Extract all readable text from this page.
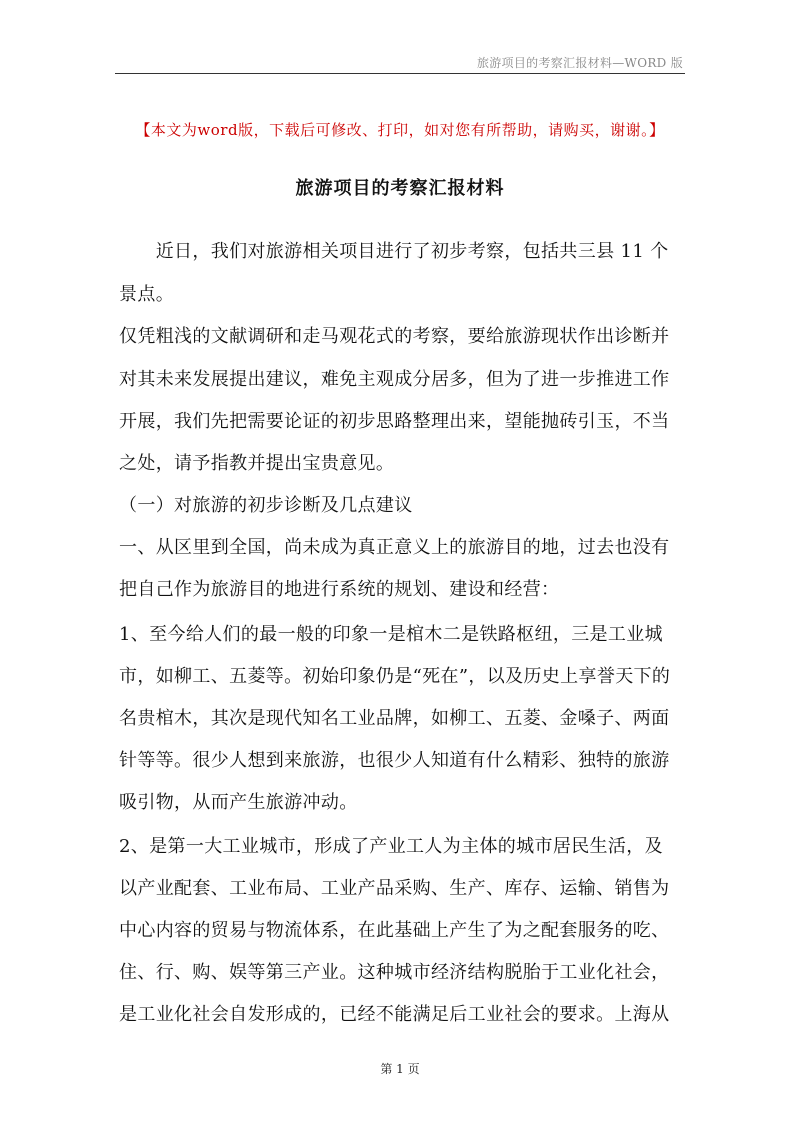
旅游项目的考察汇报材料—WORD 版
【本文为word版，下载后可修改、打印，如对您有所帮助，请购买，谢谢。】
旅游项目的考察汇报材料
　　近日，我们对旅游相关项目进行了初步考察，包括共三县 11 个
景点。
仅凭粗浅的文献调研和走马观花式的考察，要给旅游现状作出诊断并
对其未来发展提出建议，难免主观成分居多，但为了进一步推进工作
开展，我们先把需要论证的初步思路整理出来，望能抛砖引玉，不当
之处，请予指教并提出宝贵意见。
（一）对旅游的初步诊断及几点建议
一、从区里到全国，尚未成为真正意义上的旅游目的地，过去也没有
把自己作为旅游目的地进行系统的规划、建设和经营：
1、至今给人们的最一般的印象一是棺木二是铁路枢纽，三是工业城
市，如柳工、五菱等。初始印象仍是“死在”，以及历史上享誉天下的
名贵棺木，其次是现代知名工业品牌，如柳工、五菱、金嗓子、两面
针等等。很少人想到来旅游，也很少人知道有什么精彩、独特的旅游
吸引物，从而产生旅游冲动。
2、是第一大工业城市，形成了产业工人为主体的城市居民生活，及
以产业配套、工业布局、工业产品采购、生产、库存、运输、销售为
中心内容的贸易与物流体系，在此基础上产生了为之配套服务的吃、
住、行、购、娱等第三产业。这种城市经济结构脱胎于工业化社会，
是工业化社会自发形成的，已经不能满足后工业社会的要求。上海从
第 1 页
